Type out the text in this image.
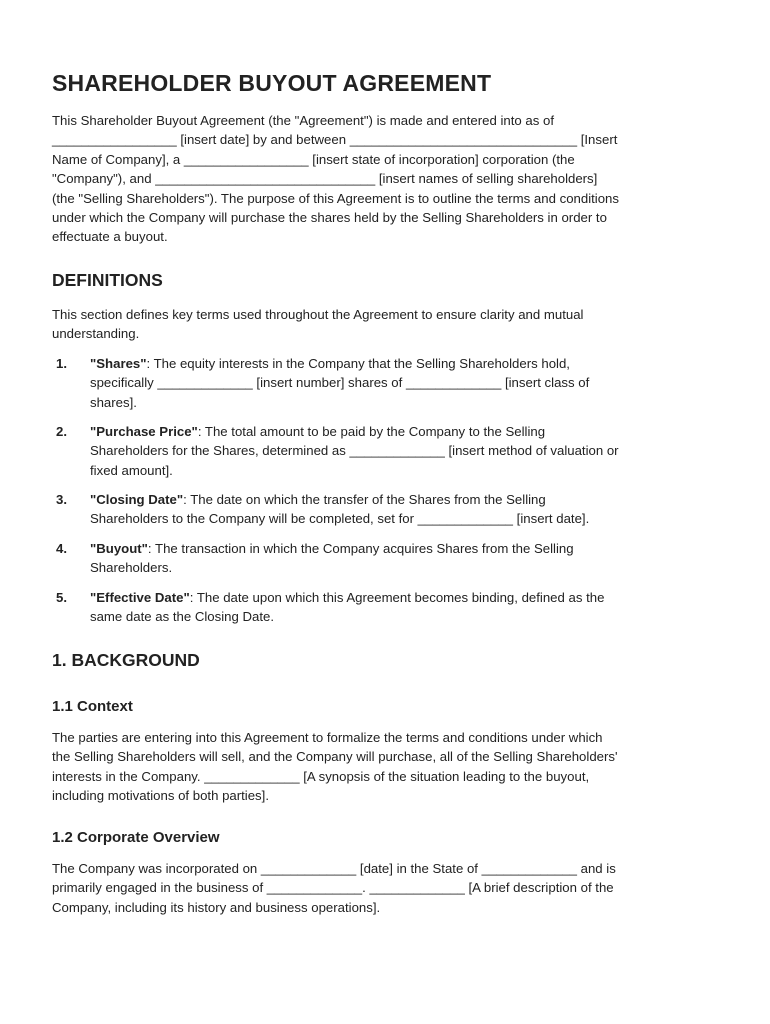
SHAREHOLDER BUYOUT AGREEMENT

This Shareholder Buyout Agreement (the "Agreement") is made and entered into as of

_________________ [insert date] by and between _______________________________ [Insert

Name of Company], a _________________ [insert state of incorporation] corporation (the

"Company"), and ______________________________ [insert names of selling shareholders]

(the "Selling Shareholders"). The purpose of this Agreement is to outline the terms and conditions

under which the Company will purchase the shares held by the Selling Shareholders in order to

effectuate a buyout.

DEFINITIONS

This section defines key terms used throughout the Agreement to ensure clarity and mutual

understanding.

1. "Shares": The equity interests in the Company that the Selling Shareholders hold,

specifically _____________ [insert number] shares of _____________ [insert class of

shares].

2. "Purchase Price": The total amount to be paid by the Company to the Selling

Shareholders for the Shares, determined as _____________ [insert method of valuation or

fixed amount].

3. "Closing Date": The date on which the transfer of the Shares from the Selling

Shareholders to the Company will be completed, set for _____________ [insert date].

4. "Buyout": The transaction in which the Company acquires Shares from the Selling

Shareholders.

5. "Effective Date": The date upon which this Agreement becomes binding, defined as the

same date as the Closing Date.

1. BACKGROUND
1.1 Context

The parties are entering into this Agreement to formalize the terms and conditions under which

the Selling Shareholders will sell, and the Company will purchase, all of the Selling Shareholders'

interests in the Company. _____________ [A synopsis of the situation leading to the buyout,

including motivations of both parties].

1.2 Corporate Overview

The Company was incorporated on _____________ [date] in the State of _____________ and is

primarily engaged in the business of _____________. _____________ [A brief description of the

Company, including its history and business operations].
